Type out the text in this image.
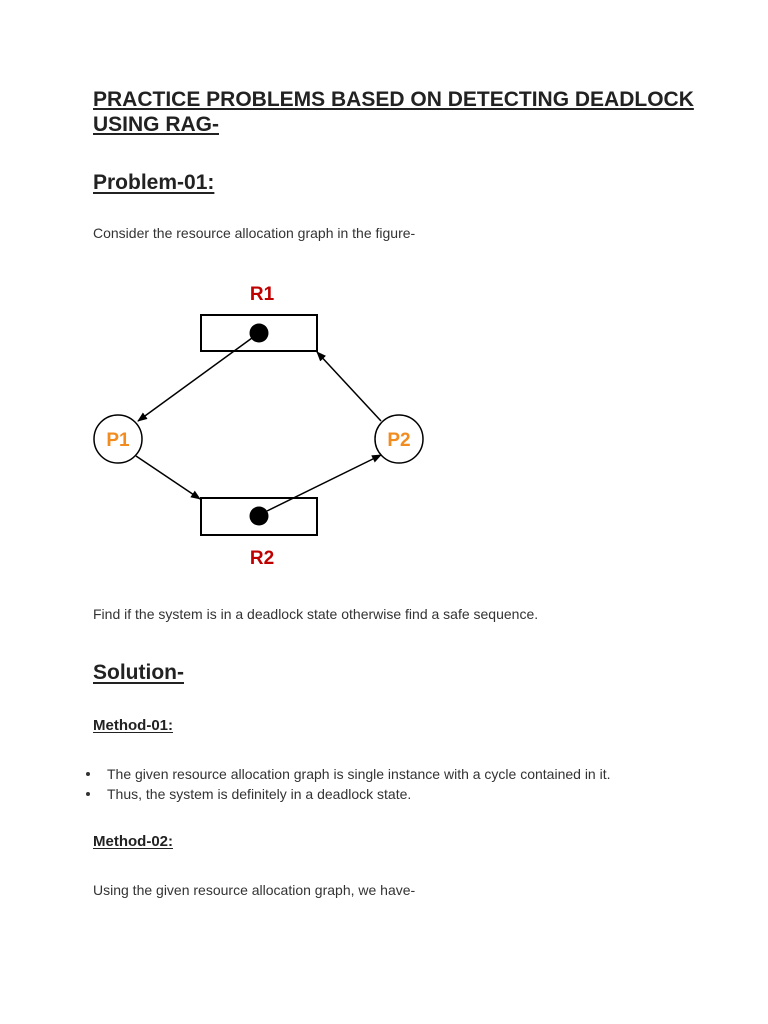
PRACTICE PROBLEMS BASED ON DETECTING DEADLOCK USING RAG-
Problem-01:

Consider the resource allocation graph in the figure-

R1
R2
P1	P2

Find if the system is in a deadlock state otherwise find a safe sequence.

Solution-
Method-01:
The given resource allocation graph is single instance with a cycle contained in it.
Thus, the system is definitely in a deadlock state.
Method-02:

Using the given resource allocation graph, we have-
